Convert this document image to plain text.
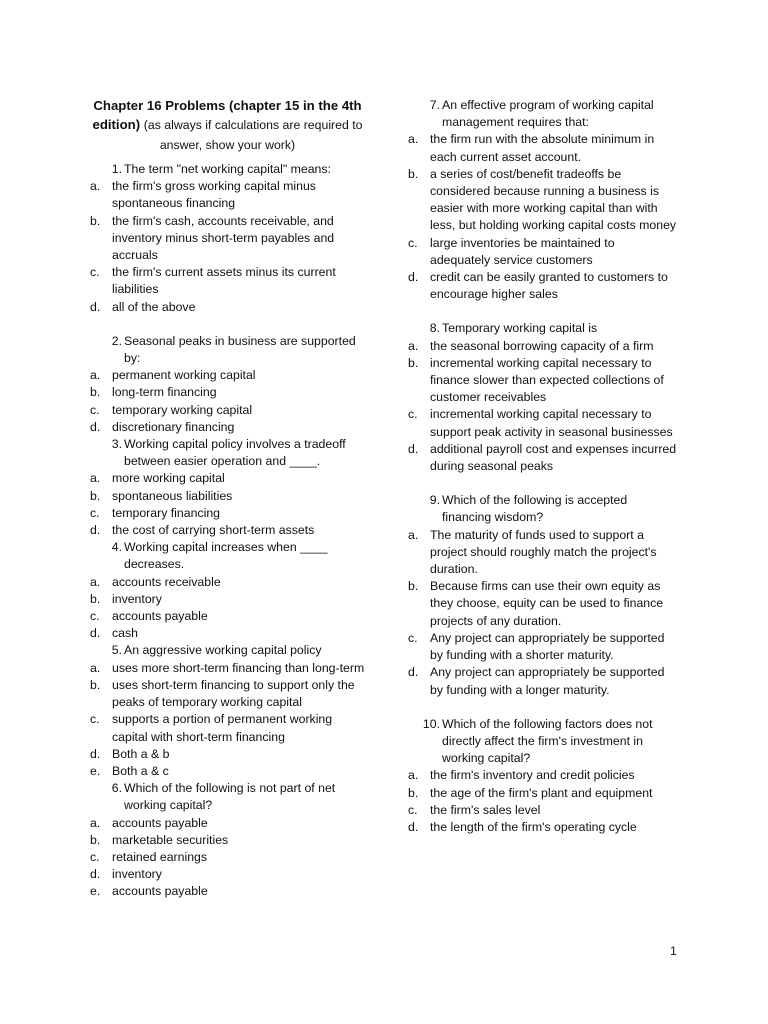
Chapter 16 Problems (chapter 15 in the 4th edition) (as always if calculations are required to answer, show your work)
1 . The term "net working capital" means:
a . the firm's gross working capital minus spontaneous financing
b . the firm's cash, accounts receivable, and inventory minus short-term payables and accruals
c . the firm's current assets minus its current liabilities
d . all of the above
2 . Seasonal peaks in business are supported by:
a . permanent working capital
b . long-term financing
c . temporary working capital
d . discretionary financing
3 . Working capital policy involves a tradeoff between easier operation and ____.
a . more working capital
b . spontaneous liabilities
c . temporary financing
d . the cost of carrying short-term assets
4 . Working capital increases when ____ decreases.
a . accounts receivable
b . inventory
c . accounts payable
d . cash
5 . An aggressive working capital policy
a . uses more short-term financing than long-term
b . uses short-term financing to support only the peaks of temporary working capital
c . supports a portion of permanent working capital with short-term financing
d . Both a & b
e . Both a & c
6 . Which of the following is not part of net working capital?
a . accounts payable
b . marketable securities
c . retained earnings
d . inventory
e . accounts payable
7 . An effective program of working capital management requires that:
a . the firm run with the absolute minimum in each current asset account.
b . a series of cost/benefit tradeoffs be considered because running a business is easier with more working capital than with less, but holding working capital costs money
c . large inventories be maintained to adequately service customers
d . credit can be easily granted to customers to encourage higher sales
8 . Temporary working capital is
a . the seasonal borrowing capacity of a firm
b . incremental working capital necessary to finance slower than expected collections of customer receivables
c . incremental working capital necessary to support peak activity in seasonal businesses
d . additional payroll cost and expenses incurred during seasonal peaks
9 . Which of the following is accepted financing wisdom?
a . The maturity of funds used to support a project should roughly match the project's duration.
b . Because firms can use their own equity as they choose, equity can be used to finance projects of any duration.
c . Any project can appropriately be supported by funding with a shorter maturity.
d . Any project can appropriately be supported by funding with a longer maturity.
10 . Which of the following factors does not directly affect the firm's investment in working capital?
a . the firm's inventory and credit policies
b . the age of the firm's plant and equipment
c . the firm's sales level
d . the length of the firm's operating cycle
1
